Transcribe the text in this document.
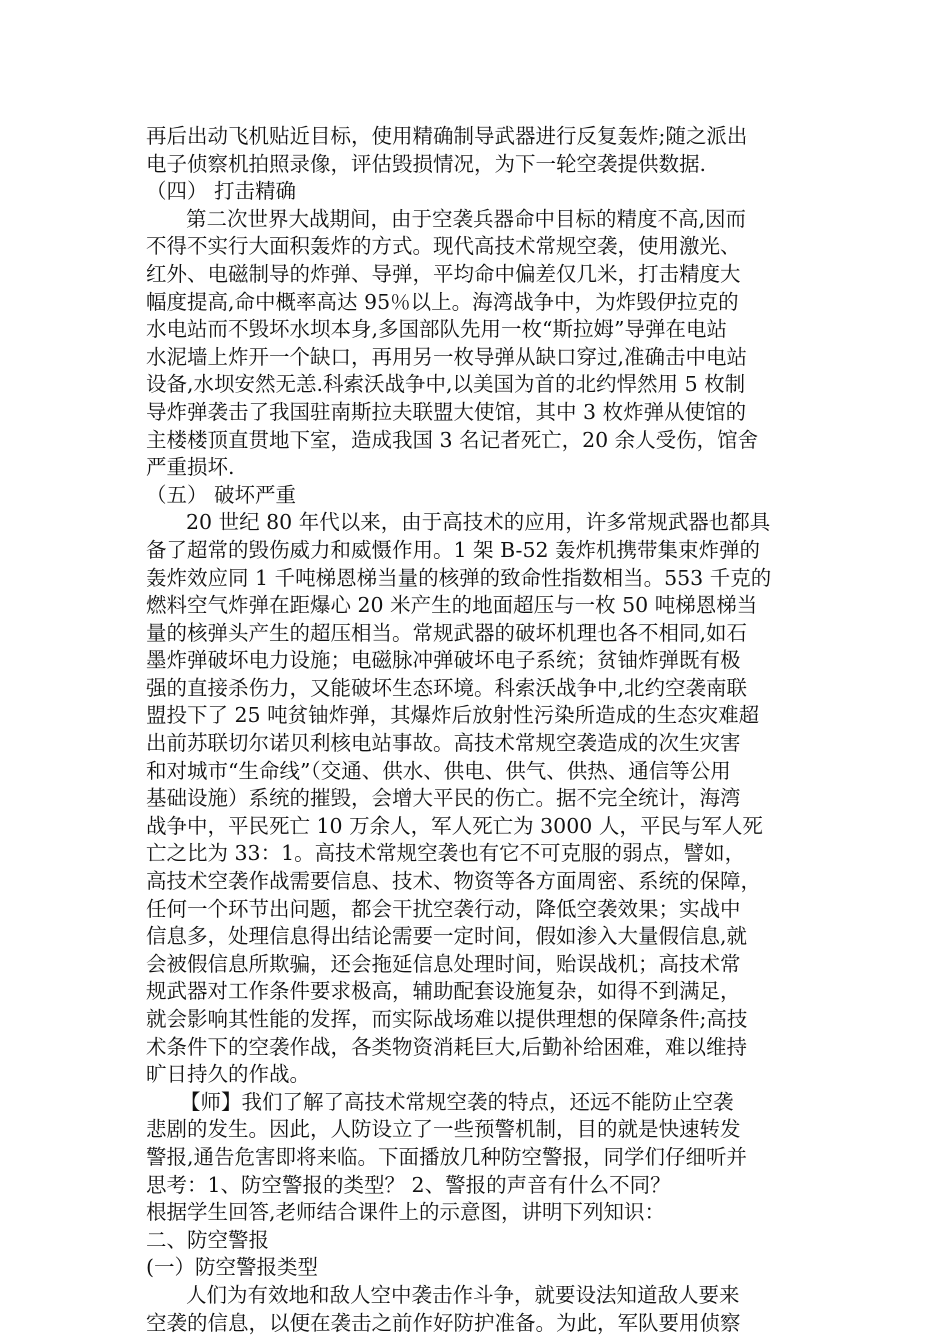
再后出动飞机贴近目标，使用精确制导武器进行反复轰炸;随之派出
电子侦察机拍照录像，评估毁损情况，为下一轮空袭提供数据.
（四） 打击精确
第二次世界大战期间，由于空袭兵器命中目标的精度不高,因而
不得不实行大面积轰炸的方式。现代高技术常规空袭，使用激光、
红外、电磁制导的炸弹、导弹，平均命中偏差仅几米，打击精度大
幅度提高,命中概率高达 95％以上。海湾战争中，为炸毁伊拉克的
水电站而不毁坏水坝本身,多国部队先用一枚“斯拉姆”导弹在电站
水泥墙上炸开一个缺口，再用另一枚导弹从缺口穿过,准确击中电站
设备,水坝安然无恙.科索沃战争中,以美国为首的北约悍然用 5 枚制
导炸弹袭击了我国驻南斯拉夫联盟大使馆，其中 3 枚炸弹从使馆的
主楼楼顶直贯地下室，造成我国 3 名记者死亡，20 余人受伤，馆舍
严重损坏.
（五） 破坏严重
20 世纪 80 年代以来，由于高技术的应用，许多常规武器也都具
备了超常的毁伤威力和威慑作用。1 架 B-52 轰炸机携带集束炸弹的
轰炸效应同 1 千吨梯恩梯当量的核弹的致命性指数相当。553 千克的
燃料空气炸弹在距爆心 20 米产生的地面超压与一枚 50 吨梯恩梯当
量的核弹头产生的超压相当。常规武器的破坏机理也各不相同,如石
墨炸弹破坏电力设施；电磁脉冲弹破坏电子系统；贫铀炸弹既有极
强的直接杀伤力，又能破坏生态环境。科索沃战争中,北约空袭南联
盟投下了 25 吨贫铀炸弹，其爆炸后放射性污染所造成的生态灾难超
出前苏联切尔诺贝利核电站事故。高技术常规空袭造成的次生灾害
和对城市“生命线”（交通、供水、供电、供气、供热、通信等公用
基础设施）系统的摧毁，会增大平民的伤亡。据不完全统计，海湾
战争中，平民死亡 10 万余人，军人死亡为 3000 人，平民与军人死
亡之比为 33：1。高技术常规空袭也有它不可克服的弱点，譬如，
高技术空袭作战需要信息、技术、物资等各方面周密、系统的保障，
任何一个环节出问题，都会干扰空袭行动，降低空袭效果；实战中
信息多，处理信息得出结论需要一定时间，假如渗入大量假信息,就
会被假信息所欺骗，还会拖延信息处理时间，贻误战机；高技术常
规武器对工作条件要求极高，辅助配套设施复杂，如得不到满足，
就会影响其性能的发挥，而实际战场难以提供理想的保障条件;高技
术条件下的空袭作战，各类物资消耗巨大,后勤补给困难，难以维持
旷日持久的作战。
【师】我们了解了高技术常规空袭的特点，还远不能防止空袭
悲剧的发生。因此，人防设立了一些预警机制，目的就是快速转发
警报,通告危害即将来临。下面播放几种防空警报，同学们仔细听并
思考：1、防空警报的类型？ 2、警报的声音有什么不同？
根据学生回答,老师结合课件上的示意图，讲明下列知识：
二、防空警报
(一）防空警报类型
人们为有效地和敌人空中袭击作斗争，就要设法知道敌人要来
空袭的信息，以便在袭击之前作好防护准备。为此，军队要用侦察
